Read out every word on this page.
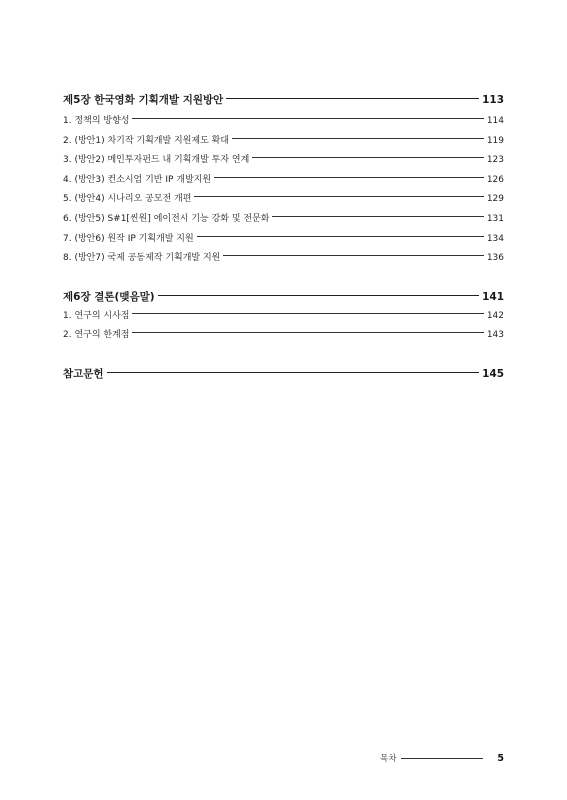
제5장 한국영화 기획개발 지원방안	113
1. 정책의 방향성	114
2. (방안1) 차기작 기획개발 지원제도 확대	119
3. (방안2) 메인투자펀드 내 기획개발 투자 연계	123
4. (방안3) 컨소시엄 기반 IP 개발지원	126
5. (방안4) 시나리오 공모전 개편	129
6. (방안5) S#1[씬원] 에이전시 기능 강화 및 전문화	131
7. (방안6) 원작 IP 기획개발 지원	134
8. (방안7) 국제 공동제작 기획개발 지원	136
제6장 결론(맺음말)	141
1. 연구의 시사점	142
2. 연구의 한계점	143
참고문헌	145
목차	5
